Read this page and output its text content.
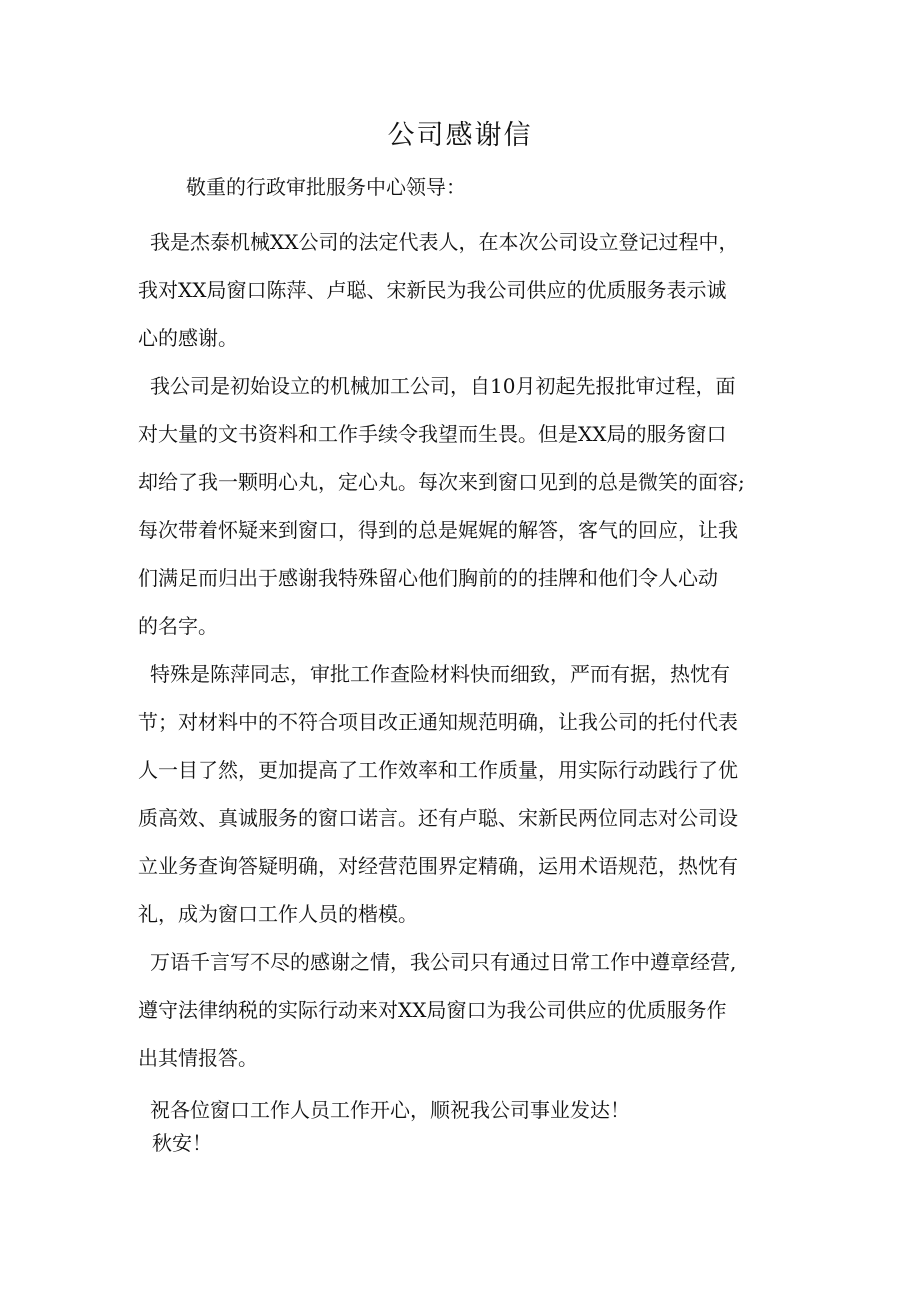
公司感谢信
敬重的行政审批服务中心领导：
我是杰泰机械XX公司的法定代表人，在本次公司设立登记过程中，
我对XX局窗口陈萍、卢聪、宋新民为我公司供应的优质服务表示诚
心的感谢。
我公司是初始设立的机械加工公司，自10月初起先报批审过程，面
对大量的文书资料和工作手续令我望而生畏。但是XX局的服务窗口
却给了我一颗明心丸，定心丸。每次来到窗口见到的总是微笑的面容;
每次带着怀疑来到窗口，得到的总是娓娓的解答，客气的回应，让我
们满足而归出于感谢我特殊留心他们胸前的的挂牌和他们令人心动
的名字。
特殊是陈萍同志，审批工作查险材料快而细致，严而有据，热忱有
节；对材料中的不符合项目改正通知规范明确，让我公司的托付代表
人一目了然，更加提高了工作效率和工作质量，用实际行动践行了优
质高效、真诚服务的窗口诺言。还有卢聪、宋新民两位同志对公司设
立业务查询答疑明确，对经营范围界定精确，运用术语规范，热忱有
礼，成为窗口工作人员的楷模。
万语千言写不尽的感谢之情，我公司只有通过日常工作中遵章经营,
遵守法律纳税的实际行动来对XX局窗口为我公司供应的优质服务作
出其情报答。
祝各位窗口工作人员工作开心，顺祝我公司事业发达！
秋安！
